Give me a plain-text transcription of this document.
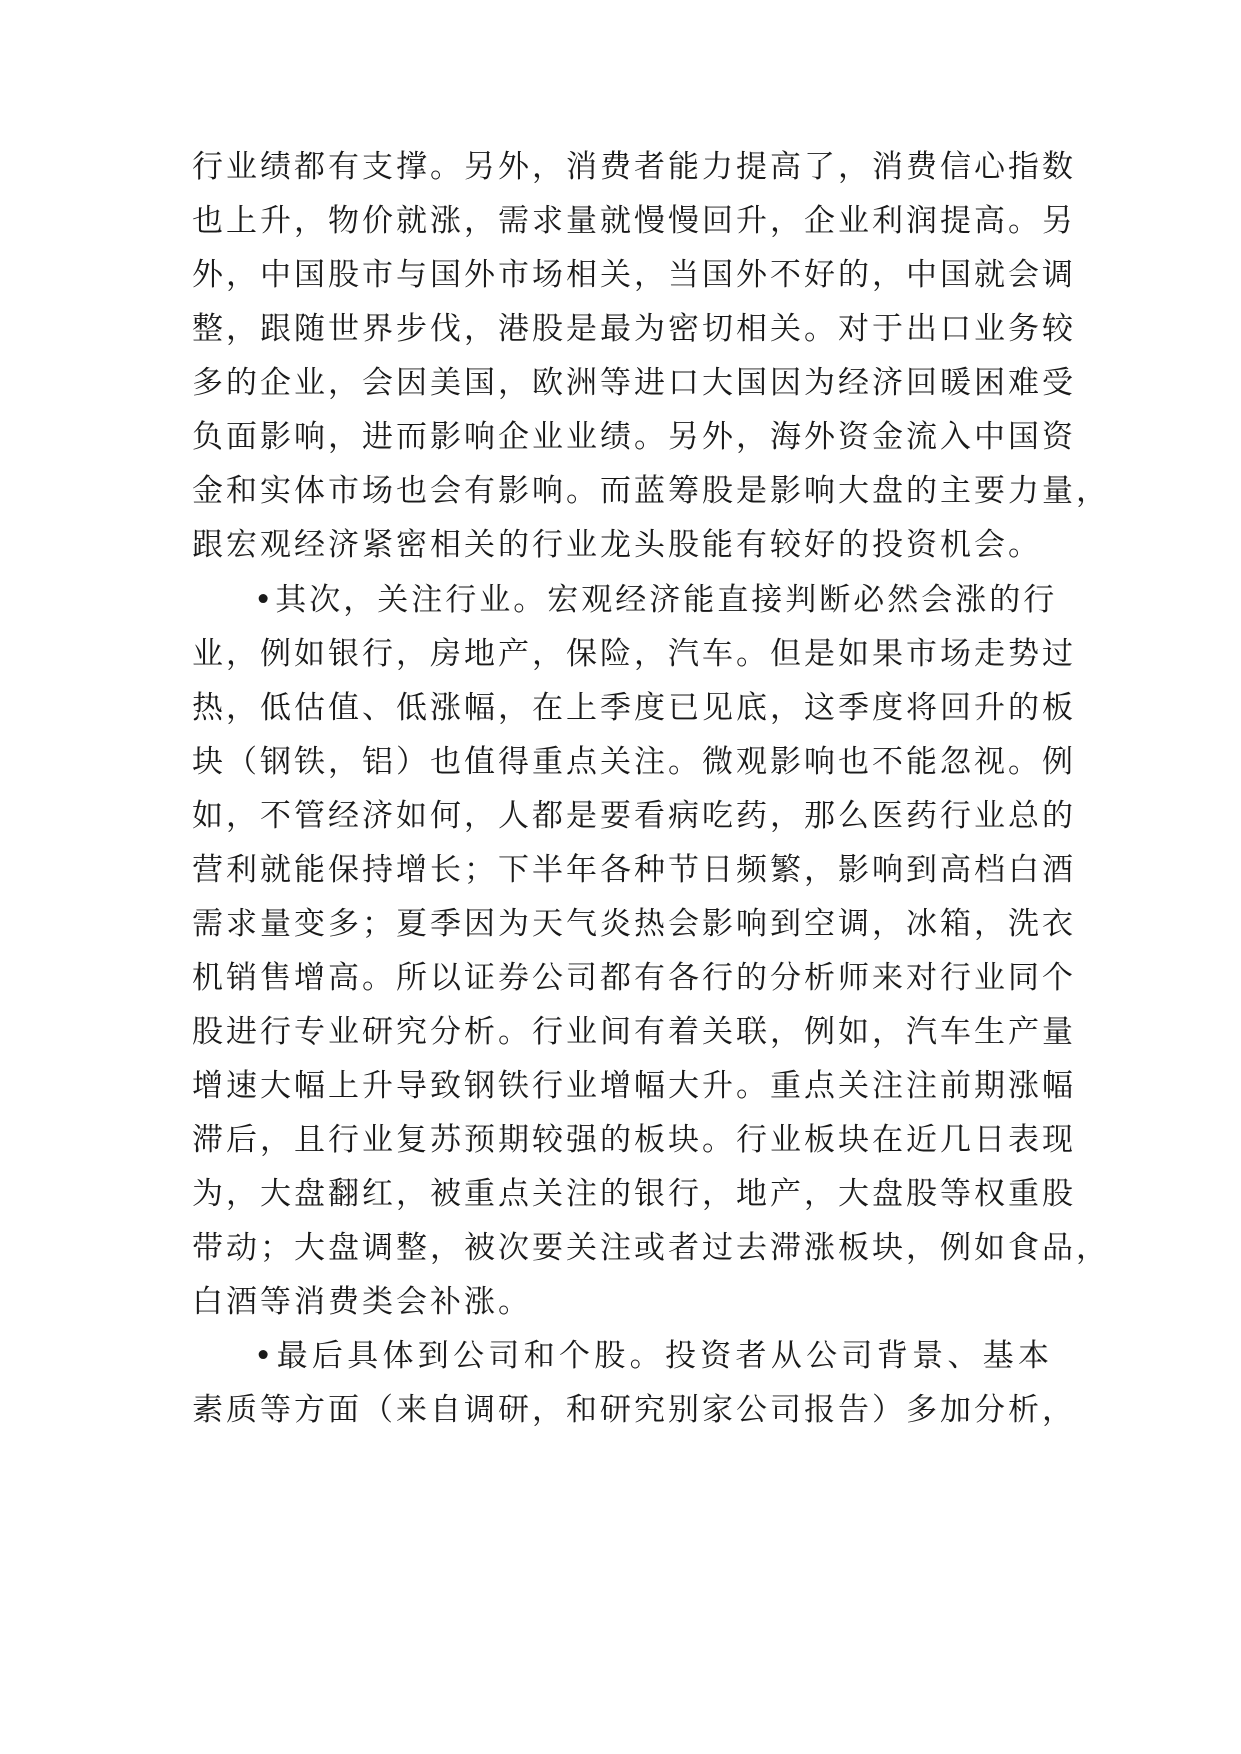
行业绩都有支撑。另外，消费者能力提高了，消费信心指数
也上升，物价就涨，需求量就慢慢回升，企业利润提高。另
外，中国股市与国外市场相关，当国外不好的，中国就会调
整，跟随世界步伐，港股是最为密切相关。对于出口业务较
多的企业，会因美国，欧洲等进口大国因为经济回暖困难受
负面影响，进而影响企业业绩。另外，海外资金流入中国资
金和实体市场也会有影响。而蓝筹股是影响大盘的主要力量，
跟宏观经济紧密相关的行业龙头股能有较好的投资机会。
•其次，关注行业。宏观经济能直接判断必然会涨的行
业，例如银行，房地产，保险，汽车。但是如果市场走势过
热，低估值、低涨幅，在上季度已见底，这季度将回升的板
块（钢铁，铝）也值得重点关注。微观影响也不能忽视。例
如，不管经济如何，人都是要看病吃药，那么医药行业总的
营利就能保持增长；下半年各种节日频繁，影响到高档白酒
需求量变多；夏季因为天气炎热会影响到空调，冰箱，洗衣
机销售增高。所以证券公司都有各行的分析师来对行业同个
股进行专业研究分析。行业间有着关联，例如，汽车生产量
增速大幅上升导致钢铁行业增幅大升。重点关注注前期涨幅
滞后，且行业复苏预期较强的板块。行业板块在近几日表现
为，大盘翻红，被重点关注的银行，地产，大盘股等权重股
带动；大盘调整，被次要关注或者过去滞涨板块，例如食品，
白酒等消费类会补涨。
•最后具体到公司和个股。投资者从公司背景、基本
素质等方面（来自调研，和研究别家公司报告）多加分析，
